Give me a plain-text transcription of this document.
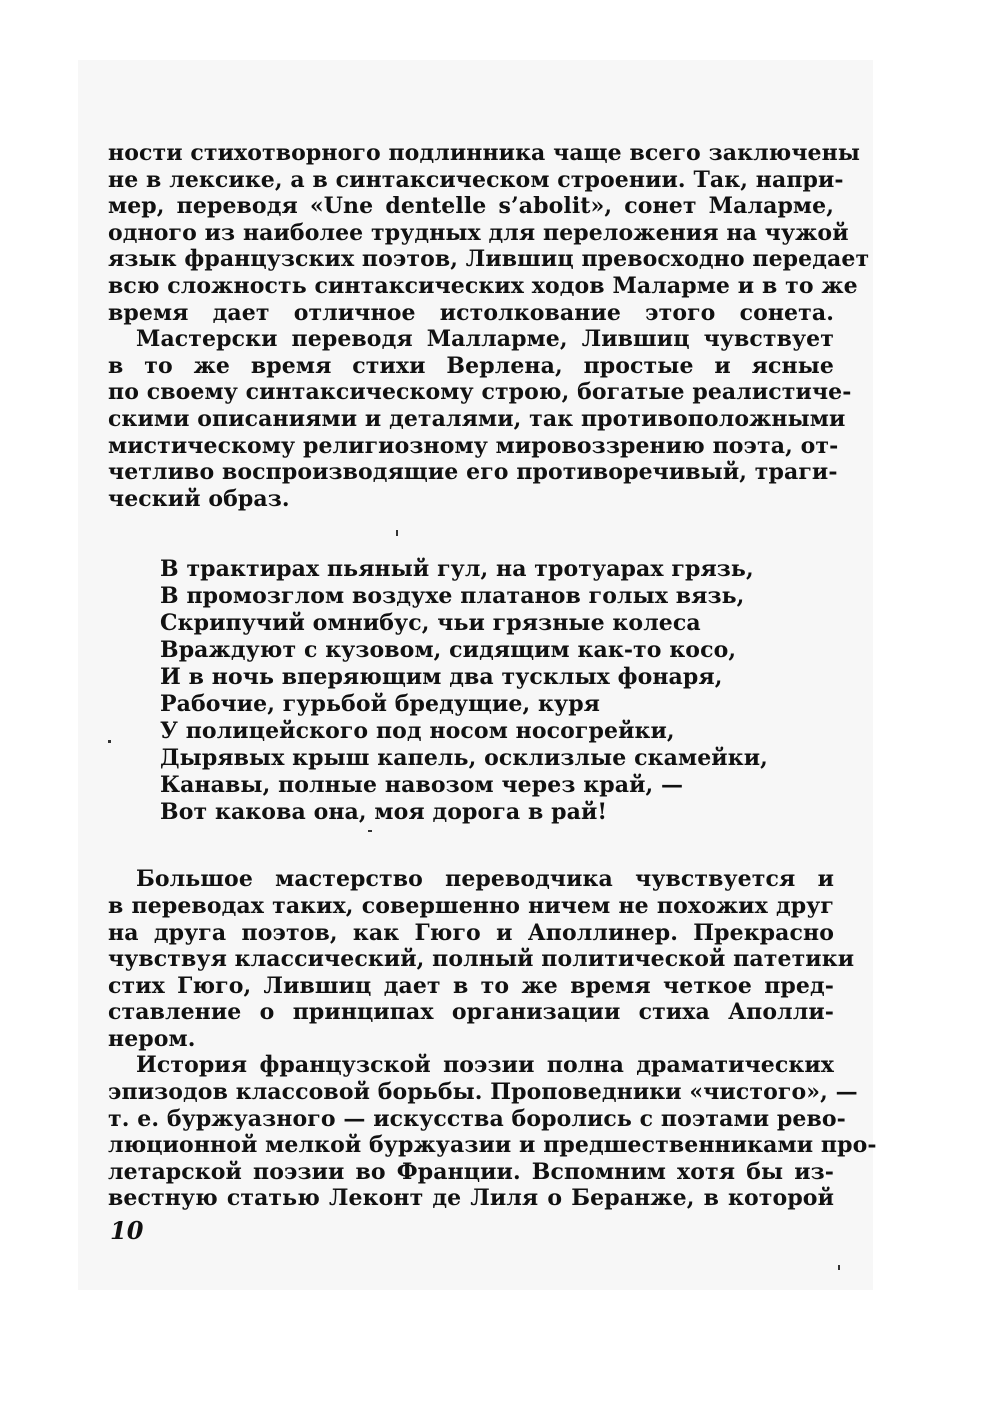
ности стихотворного подлинника чаще всего заключены
не в лексике, а в синтаксическом строении. Так, напри-
мер, переводя «Une dentelle s’abolit», сонет Маларме,
одного из наиболее трудных для переложения на чужой
язык французских поэтов, Лившиц превосходно передает
всю сложность синтаксических ходов Маларме и в то же
время дает отличное истолкование этого сонета.

Мастерски переводя Малларме, Лившиц чувствует
в то же время стихи Верлена, простые и ясные
по своему синтаксическому строю, богатые реалистиче-
скими описаниями и деталями, так противоположными
мистическому религиозному мировоззрению поэта, от-
четливо воспроизводящие его противоречивый, траги-
ческий образ.

В трактирах пьяный гул, на тротуарах грязь,
В промозглом воздухе платанов голых вязь,
Скрипучий омнибус, чьи грязные колеса
Враждуют с кузовом, сидящим как-то косо,
И в ночь вперяющим два тусклых фонаря,
Рабочие, гурьбой бредущие, куря
У полицейского под носом носогрейки,
Дырявых крыш капель, осклизлые скамейки,
Канавы, полные навозом через край, —
Вот какова она, моя дорога в рай!

Большое мастерство переводчика чувствуется и
в переводах таких, совершенно ничем не похожих друг
на друга поэтов, как Гюго и Аполлинер. Прекрасно
чувствуя классический, полный политической патетики
стих Гюго, Лившиц дает в то же время четкое пред-
ставление о принципах организации стиха Аполли-
нером.

История французской поэзии полна драматических
эпизодов классовой борьбы. Проповедники «чистого», —
т. е. буржуазного — искусства боролись с поэтами рево-
люционной мелкой буржуазии и предшественниками про-
летарской поэзии во Франции. Вспомним хотя бы из-
вестную статью Леконт де Лиля о Беранже, в которой

10
